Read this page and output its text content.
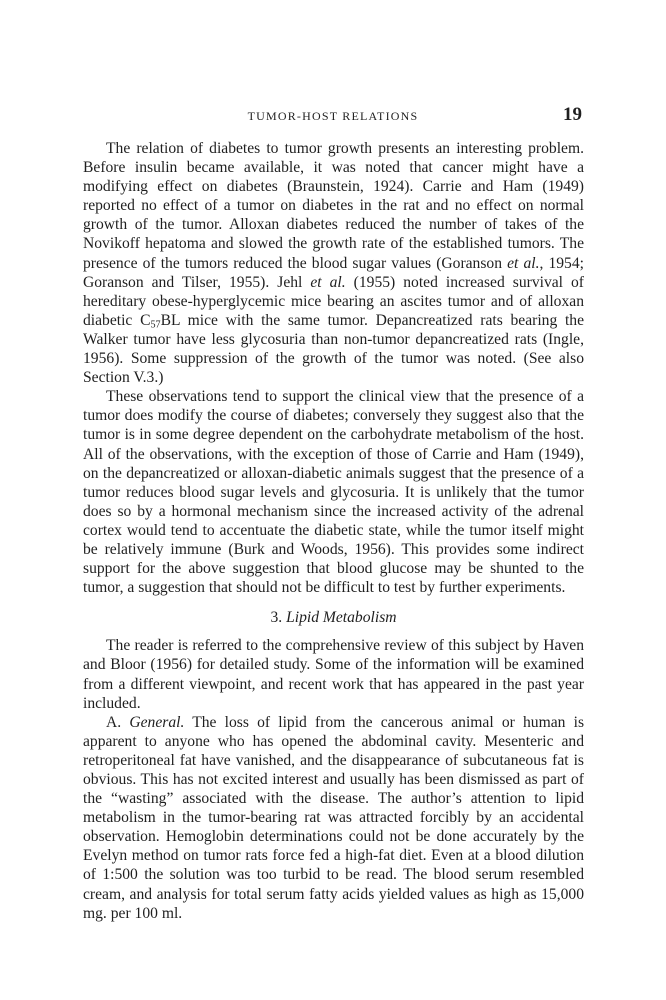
TUMOR-HOST RELATIONS	19

The relation of diabetes to tumor growth presents an interesting problem. Before insulin became available, it was noted that cancer might have a modifying effect on diabetes (Braunstein, 1924). Carrie and Ham (1949) reported no effect of a tumor on diabetes in the rat and no effect on normal growth of the tumor. Alloxan diabetes reduced the number of takes of the Novikoff hepatoma and slowed the growth rate of the established tumors. The presence of the tumors reduced the blood sugar values (Goranson et al., 1954; Goranson and Tilser, 1955). Jehl et al. (1955) noted increased survival of hereditary obese-hyperglycemic mice bearing an ascites tumor and of alloxan diabetic $C_{57}BL$ mice with the same tumor. Depancreatized rats bearing the Walker tumor have less glycosuria than non-tumor depancreatized rats (Ingle, 1956). Some suppression of the growth of the tumor was noted. (See also Section V.3.)

These observations tend to support the clinical view that the presence of a tumor does modify the course of diabetes; conversely they suggest also that the tumor is in some degree dependent on the carbohydrate metabolism of the host. All of the observations, with the exception of those of Carrie and Ham (1949), on the depancreatized or alloxan-diabetic animals suggest that the presence of a tumor reduces blood sugar levels and glycosuria. It is unlikely that the tumor does so by a hormonal mechanism since the increased activity of the adrenal cortex would tend to accentuate the diabetic state, while the tumor itself might be relatively immune (Burk and Woods, 1956). This provides some indirect support for the above suggestion that blood glucose may be shunted to the tumor, a suggestion that should not be difficult to test by further experiments.

3. Lipid Metabolism

The reader is referred to the comprehensive review of this subject by Haven and Bloor (1956) for detailed study. Some of the information will be examined from a different viewpoint, and recent work that has appeared in the past year included.

A. General. The loss of lipid from the cancerous animal or human is apparent to anyone who has opened the abdominal cavity. Mesenteric and retroperitoneal fat have vanished, and the disappearance of subcutaneous fat is obvious. This has not excited interest and usually has been dismissed as part of the “wasting” associated with the disease. The author’s attention to lipid metabolism in the tumor-bearing rat was attracted forcibly by an accidental observation. Hemoglobin determinations could not be done accurately by the Evelyn method on tumor rats force fed a high-fat diet. Even at a blood dilution of 1:500 the solution was too turbid to be read. The blood serum resembled cream, and analysis for total serum fatty acids yielded values as high as 15,000 mg. per 100 ml.
